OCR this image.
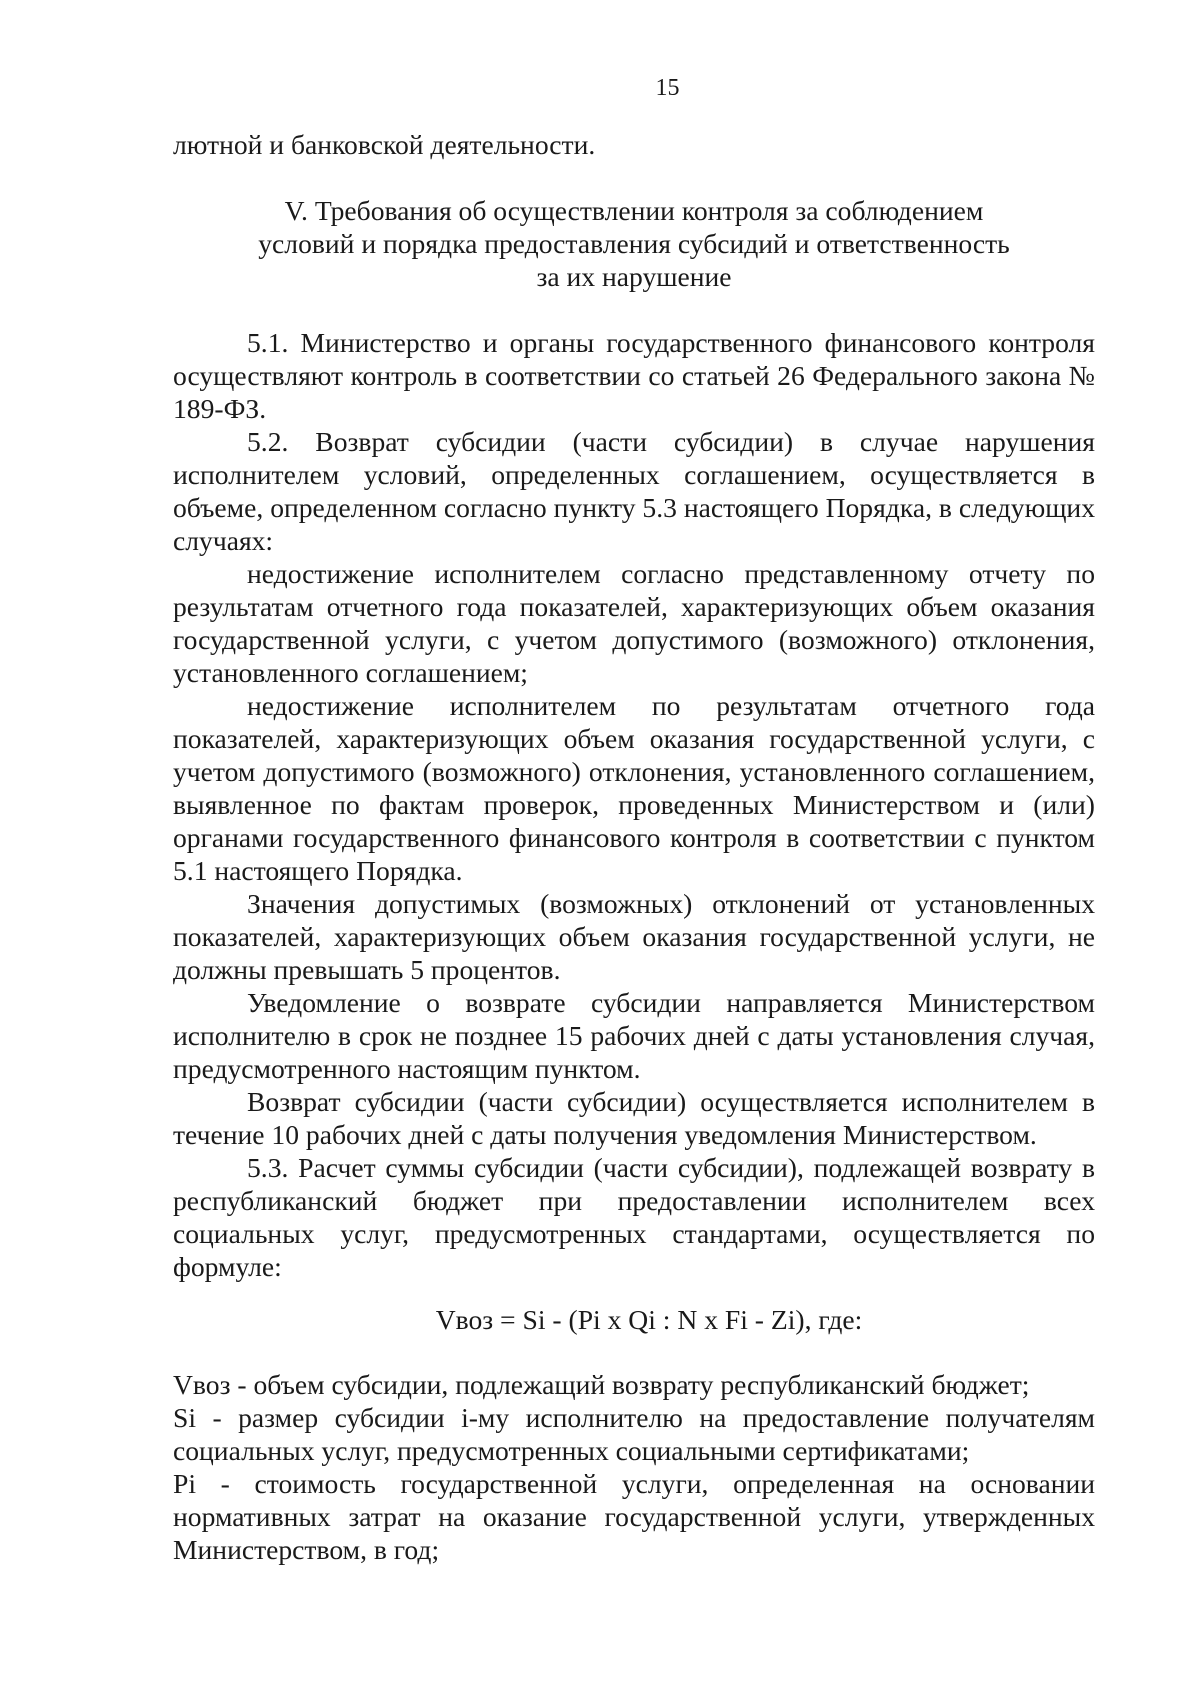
15

лютной и банковской деятельности.

V. Требования об осуществлении контроля за соблюдением
условий и порядка предоставления субсидий и ответственность
за их нарушение

5.1. Министерство и органы государственного финансового контроля осуществляют контроль в соответствии со статьей 26 Федерального закона № 189-ФЗ.

5.2. Возврат субсидии (части субсидии) в случае нарушения исполнителем условий, определенных соглашением, осуществляется в объеме, определенном согласно пункту 5.3 настоящего Порядка, в следующих случаях:

недостижение исполнителем согласно представленному отчету по результатам отчетного года показателей, характеризующих объем оказания государственной услуги, с учетом допустимого (возможного) отклонения, установленного соглашением;

недостижение исполнителем по результатам отчетного года показателей, характеризующих объем оказания государственной услуги, с учетом допустимого (возможного) отклонения, установленного соглашением, выявленное по фактам проверок, проведенных Министерством и (или) органами государственного финансового контроля в соответствии с пунктом 5.1 настоящего Порядка.

Значения допустимых (возможных) отклонений от установленных показателей, характеризующих объем оказания государственной услуги, не должны превышать 5 процентов.

Уведомление о возврате субсидии направляется Министерством исполнителю в срок не позднее 15 рабочих дней с даты установления случая, предусмотренного настоящим пунктом.

Возврат субсидии (части субсидии) осуществляется исполнителем в течение 10 рабочих дней с даты получения уведомления Министерством.

5.3. Расчет суммы субсидии (части субсидии), подлежащей возврату в республиканский бюджет при предоставлении исполнителем всех социальных услуг, предусмотренных стандартами, осуществляется по формуле:

Vвоз = Si - (Pi x Qi : N x Fi - Zi), где:

Vвоз - объем субсидии, подлежащий возврату республиканский бюджет;

Si - размер субсидии i-му исполнителю на предоставление получателям социальных услуг, предусмотренных социальными сертификатами;

Pi - стоимость государственной услуги, определенная на основании нормативных затрат на оказание государственной услуги, утвержденных Министерством, в год;
